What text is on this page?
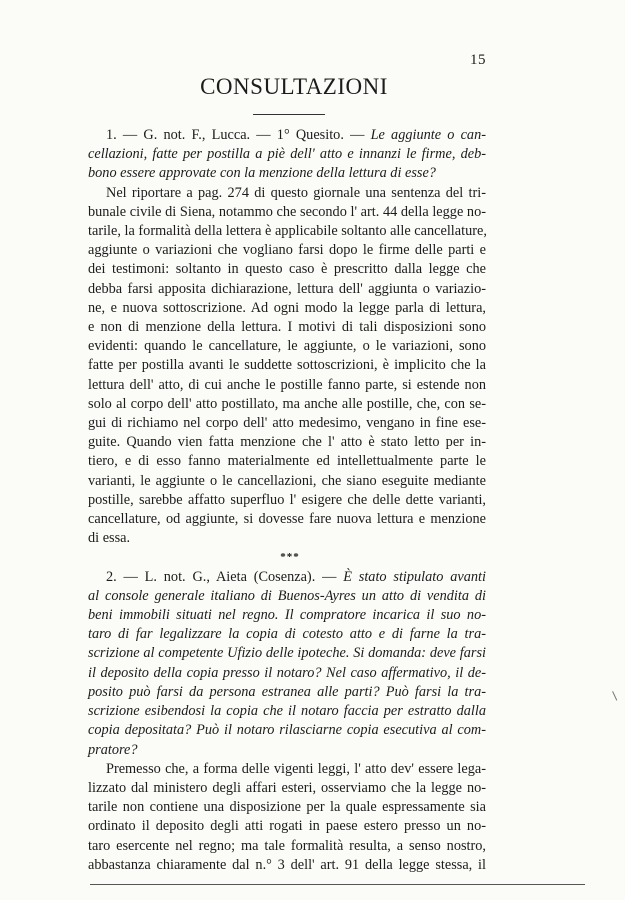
15
CONSULTAZIONI
1. — G. not. F., Lucca. — 1° Quesito. — Le aggiunte o can-
cellazioni, fatte per postilla a piè dell' atto e innanzi le firme, deb-
bono essere approvate con la menzione della lettura di esse?
Nel riportare a pag. 274 di questo giornale una sentenza del tri-
bunale civile di Siena, notammo che secondo l' art. 44 della legge no-
tarile, la formalità della lettera è applicabile soltanto alle cancellature,
aggiunte o variazioni che vogliano farsi dopo le firme delle parti e
dei testimoni: soltanto in questo caso è prescritto dalla legge che
debba farsi apposita dichiarazione, lettura dell' aggiunta o variazio-
ne, e nuova sottoscrizione. Ad ogni modo la legge parla di lettura,
e non di menzione della lettura. I motivi di tali disposizioni sono
evidenti: quando le cancellature, le aggiunte, o le variazioni, sono
fatte per postilla avanti le suddette sottoscrizioni, è implicito che la
lettura dell' atto, di cui anche le postille fanno parte, si estende non
solo al corpo dell' atto postillato, ma anche alle postille, che, con se-
gui di richiamo nel corpo dell' atto medesimo, vengano in fine ese-
guite. Quando vien fatta menzione che l' atto è stato letto per in-
tiero, e di esso fanno materialmente ed intellettualmente parte le
varianti, le aggiunte o le cancellazioni, che siano eseguite mediante
postille, sarebbe affatto superfluo l' esigere che delle dette varianti,
cancellature, od aggiunte, si dovesse fare nuova lettura e menzione
di essa.
***
2. — L. not. G., Aieta (Cosenza). — È stato stipulato avanti
al console generale italiano di Buenos-Ayres un atto di vendita di
beni immobili situati nel regno. Il compratore incarica il suo no-
taro di far legalizzare la copia di cotesto atto e di farne la tra-
scrizione al competente Ufizio delle ipoteche. Si domanda: deve farsi
il deposito della copia presso il notaro? Nel caso affermativo, il de-
posito può farsi da persona estranea alle parti? Può farsi la tra-
scrizione esibendosi la copia che il notaro faccia per estratto dalla
copia depositata? Può il notaro rilasciarne copia esecutiva al com-
pratore?
Premesso che, a forma delle vigenti leggi, l' atto dev' essere lega-
lizzato dal ministero degli affari esteri, osserviamo che la legge no-
tarile non contiene una disposizione per la quale espressamente sia
ordinato il deposito degli atti rogati in paese estero presso un no-
taro esercente nel regno; ma tale formalità resulta, a senso nostro,
abbastanza chiaramente dal n.° 3 dell' art. 91 della legge stessa, il
